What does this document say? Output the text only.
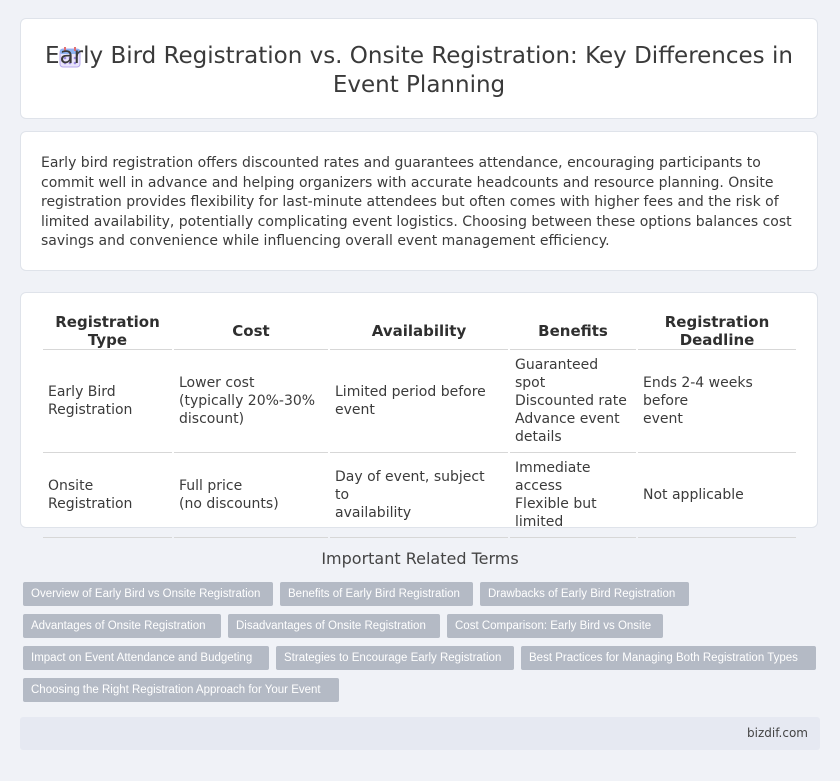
Early Bird Registration vs. Onsite Registration: Key Differences in
Event Planning
Early bird registration offers discounted rates and guarantees attendance, encouraging participants to commit well in advance and helping organizers with accurate headcounts and resource planning. Onsite registration provides flexibility for last-minute attendees but often comes with higher fees and the risk of limited availability, potentially complicating event logistics. Choosing between these options balances cost savings and convenience while influencing overall event management efficiency.
Registration Type	Cost	Availability	Benefits	Registration Deadline

Early Bird
Registration	Lower cost
(typically 20%-30%
discount)	Limited period before
event	Guaranteed spot
Discounted rate
Advance event
details	Ends 2-4 weeks before
event

Onsite
Registration	Full price
(no discounts)	Day of event, subject to
availability	Immediate
access
Flexible but
limited	Not applicable
Important Related Terms
Overview of Early Bird vs Onsite Registration	Benefits of Early Bird Registration	Drawbacks of Early Bird Registration
Advantages of Onsite Registration	Disadvantages of Onsite Registration	Cost Comparison: Early Bird vs Onsite
Impact on Event Attendance and Budgeting	Strategies to Encourage Early Registration	Best Practices for Managing Both Registration Types
Choosing the Right Registration Approach for Your Event
bizdif.com
